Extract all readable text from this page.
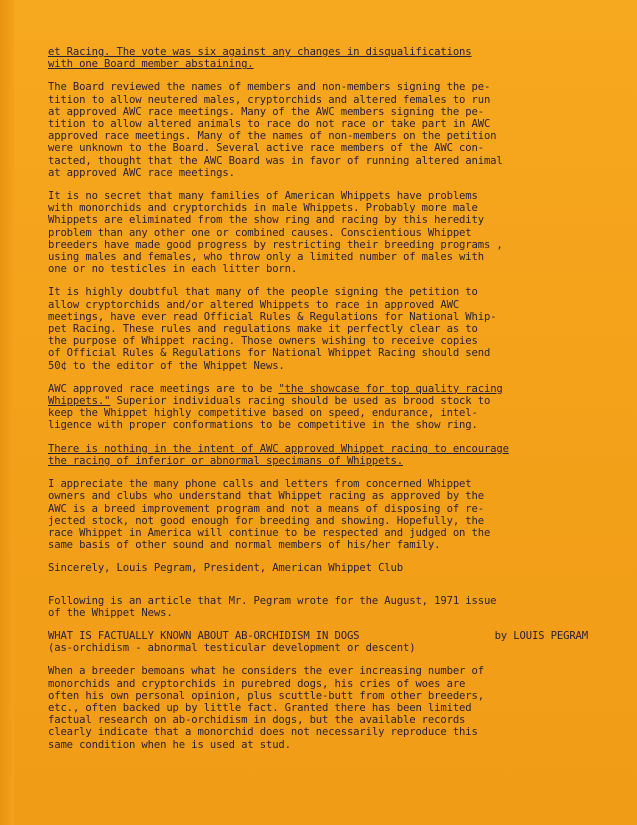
et Racing. The vote was six against any changes in disqualifications
with one Board member abstaining.

The Board reviewed the names of members and non-members signing the pe-
tition to allow neutered males, cryptorchids and altered females to run
at approved AWC race meetings. Many of the AWC members signing the pe-
tition to allow altered animals to race do not race or take part in AWC
approved race meetings. Many of the names of non-members on the petition
were unknown to the Board. Several active race members of the AWC con-
tacted, thought that the AWC Board was in favor of running altered animal
at approved AWC race meetings.

It is no secret that many families of American Whippets have problems
with monorchids and cryptorchids in male Whippets. Probably more male
Whippets are eliminated from the show ring and racing by this heredity
problem than any other one or combined causes. Conscientious Whippet
breeders have made good progress by restricting their breeding programs ,
using males and females, who throw only a limited number of males with
one or no testicles in each litter born.

It is highly doubtful that many of the people signing the petition to
allow cryptorchids and/or altered Whippets to race in approved AWC
meetings, have ever read Official Rules & Regulations for National Whip-
pet Racing. These rules and regulations make it perfectly clear as to
the purpose of Whippet racing. Those owners wishing to receive copies
of Official Rules & Regulations for National Whippet Racing should send
50¢ to the editor of the Whippet News.

AWC approved race meetings are to be "the showcase for top quality racing
Whippets." Superior individuals racing should be used as brood stock to
keep the Whippet highly competitive based on speed, endurance, intel-
ligence with proper conformations to be competitive in the show ring.

There is nothing in the intent of AWC approved Whippet racing to encourage
the racing of inferior or abnormal specimans of Whippets.

I appreciate the many phone calls and letters from concerned Whippet
owners and clubs who understand that Whippet racing as approved by the
AWC is a breed improvement program and not a means of disposing of re-
jected stock, not good enough for breeding and showing. Hopefully, the
race Whippet in America will continue to be respected and judged on the
same basis of other sound and normal members of his/her family.

Sincerely, Louis Pegram, President, American Whippet Club

Following is an article that Mr. Pegram wrote for the August, 1971 issue
of the Whippet News.

WHAT IS FACTUALLY KNOWN ABOUT AB-ORCHIDISM IN DOGS	by LOUIS PEGRAM

(as-orchidism - abnormal testicular development or descent)

When a breeder bemoans what he considers the ever increasing number of
monorchids and cryptorchids in purebred dogs, his cries of woes are
often his own personal opinion, plus scuttle-butt from other breeders,
etc., often backed up by little fact. Granted there has been limited
factual research on ab-orchidism in dogs, but the available records
clearly indicate that a monorchid does not necessarily reproduce this
same condition when he is used at stud.
